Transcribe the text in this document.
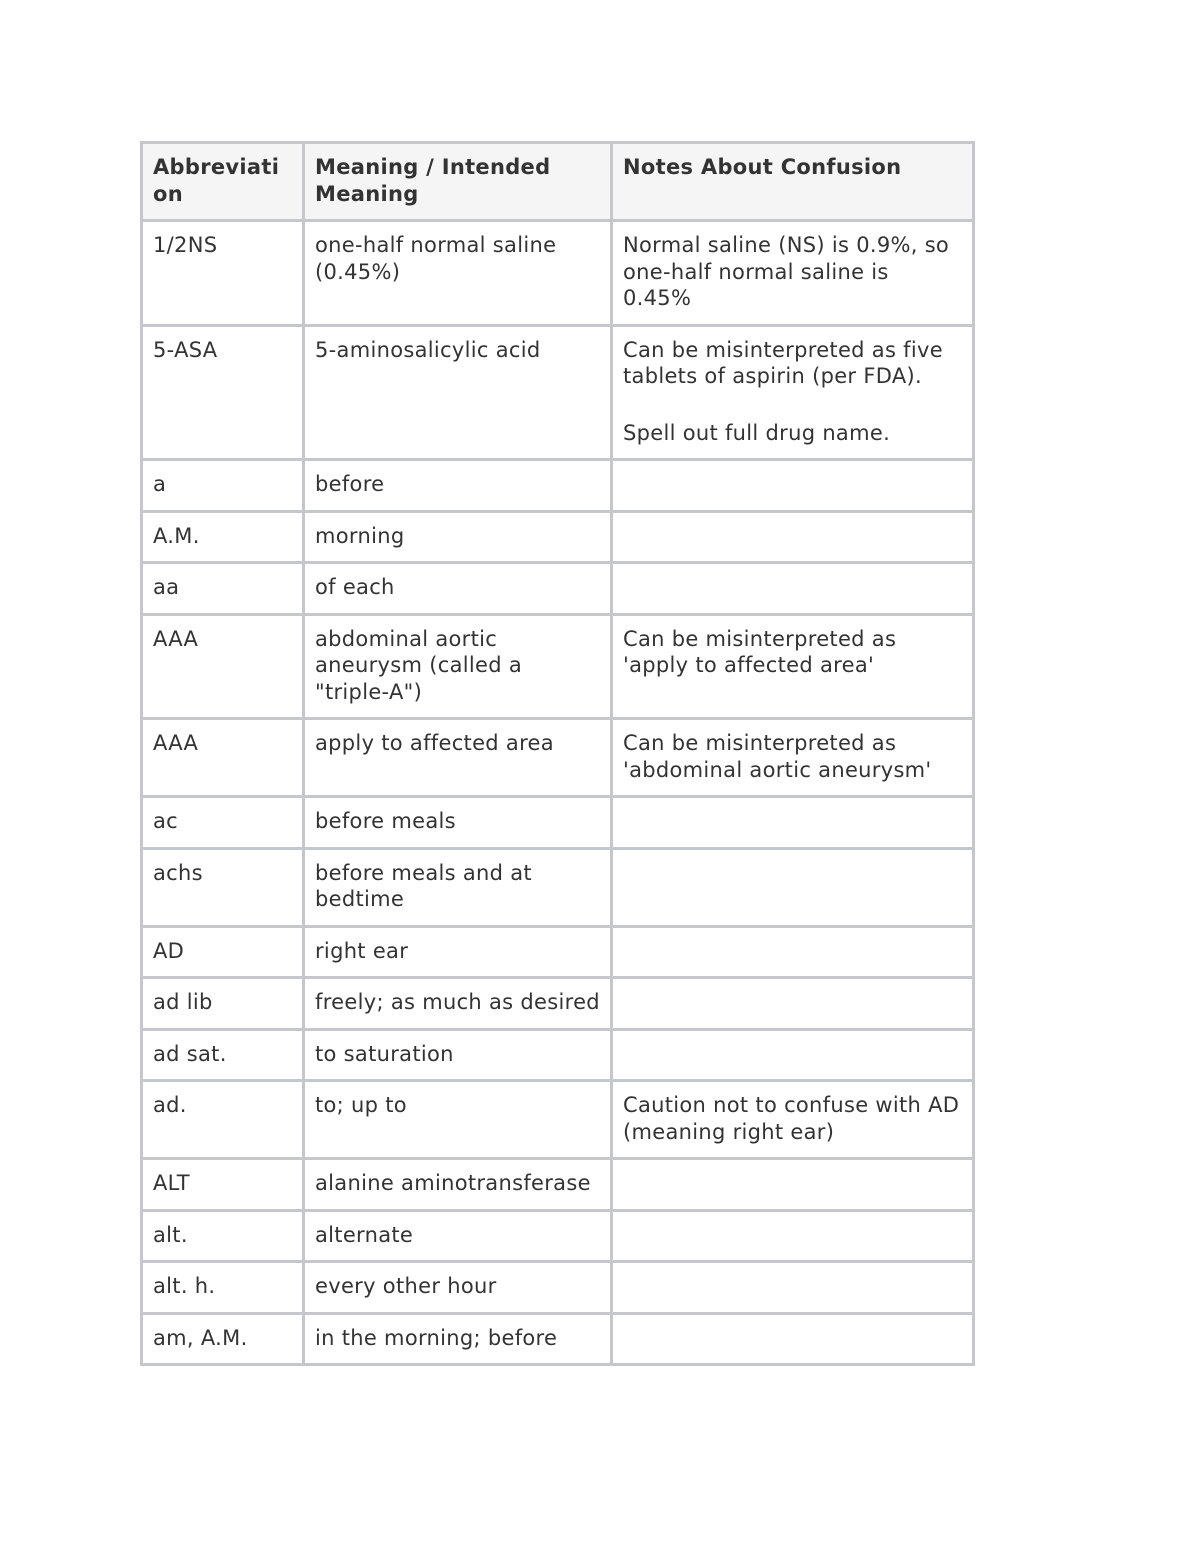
Abbreviation	Meaning / Intended Meaning	Notes About Confusion
1/2NS	one-half normal saline (0.45%)	Normal saline (NS) is 0.9%, so one-half normal saline is 0.45%

5-ASA	5-aminosalicylic acid	Can be misinterpreted as five tablets of aspirin (per FDA).
Spell out full drug name.

a	before	
A.M.	morning	
aa	of each	
AAA	abdominal aortic aneurysm (called a "triple-A")	Can be misinterpreted as 'apply to affected area'

AAA	apply to affected area	Can be misinterpreted as 'abdominal aortic aneurysm'

ac	before meals	
achs	before meals and at bedtime	
AD	right ear	
ad lib	freely; as much as desired	
ad sat.	to saturation	
ad.	to; up to	Caution not to confuse with AD (meaning right ear)

ALT	alanine aminotransferase	
alt.	alternate	
alt. h.	every other hour	
am, A.M.	in the morning; before	
